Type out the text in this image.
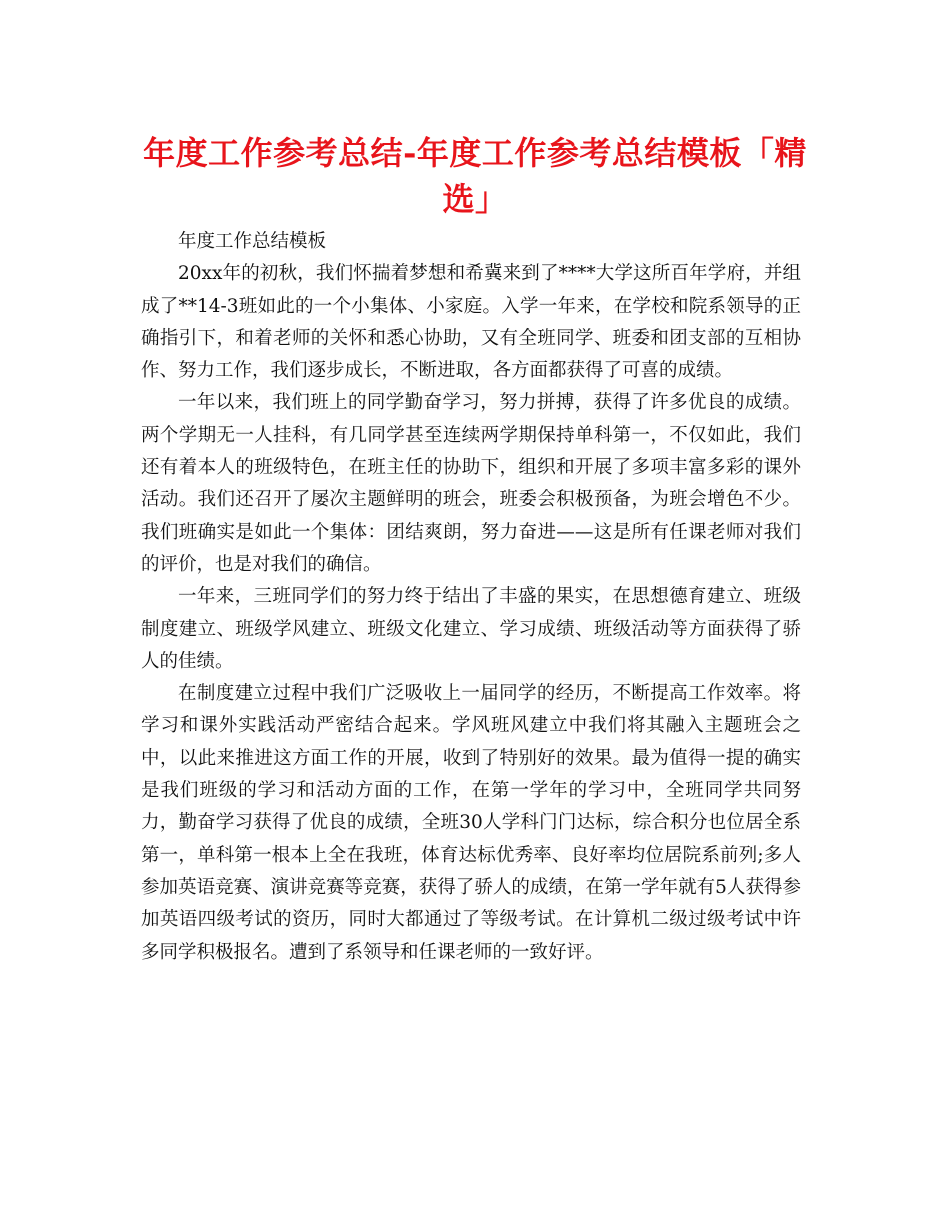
年度工作参考总结-年度工作参考总结模板「精选」

年度工作总结模板

20xx年的初秋，我们怀揣着梦想和希冀来到了****大学这所百年学府，并组成了**14-3班如此的一个小集体、小家庭。入学一年来，在学校和院系领导的正确指引下，和着老师的关怀和悉心协助，又有全班同学、班委和团支部的互相协作、努力工作，我们逐步成长，不断进取，各方面都获得了可喜的成绩。

一年以来，我们班上的同学勤奋学习，努力拼搏，获得了许多优良的成绩。两个学期无一人挂科，有几同学甚至连续两学期保持单科第一，不仅如此，我们还有着本人的班级特色，在班主任的协助下，组织和开展了多项丰富多彩的课外活动。我们还召开了屡次主题鲜明的班会，班委会积极预备，为班会增色不少。我们班确实是如此一个集体：团结爽朗，努力奋进——这是所有任课老师对我们的评价，也是对我们的确信。

一年来，三班同学们的努力终于结出了丰盛的果实，在思想德育建立、班级制度建立、班级学风建立、班级文化建立、学习成绩、班级活动等方面获得了骄人的佳绩。

在制度建立过程中我们广泛吸收上一届同学的经历，不断提高工作效率。将学习和课外实践活动严密结合起来。学风班风建立中我们将其融入主题班会之中，以此来推进这方面工作的开展，收到了特别好的效果。最为值得一提的确实是我们班级的学习和活动方面的工作，在第一学年的学习中，全班同学共同努力，勤奋学习获得了优良的成绩，全班30人学科门门达标，综合积分也位居全系第一，单科第一根本上全在我班，体育达标优秀率、良好率均位居院系前列;多人参加英语竞赛、演讲竞赛等竞赛，获得了骄人的成绩，在第一学年就有5人获得参加英语四级考试的资历，同时大都通过了等级考试。在计算机二级过级考试中许多同学积极报名。遭到了系领导和任课老师的一致好评。
